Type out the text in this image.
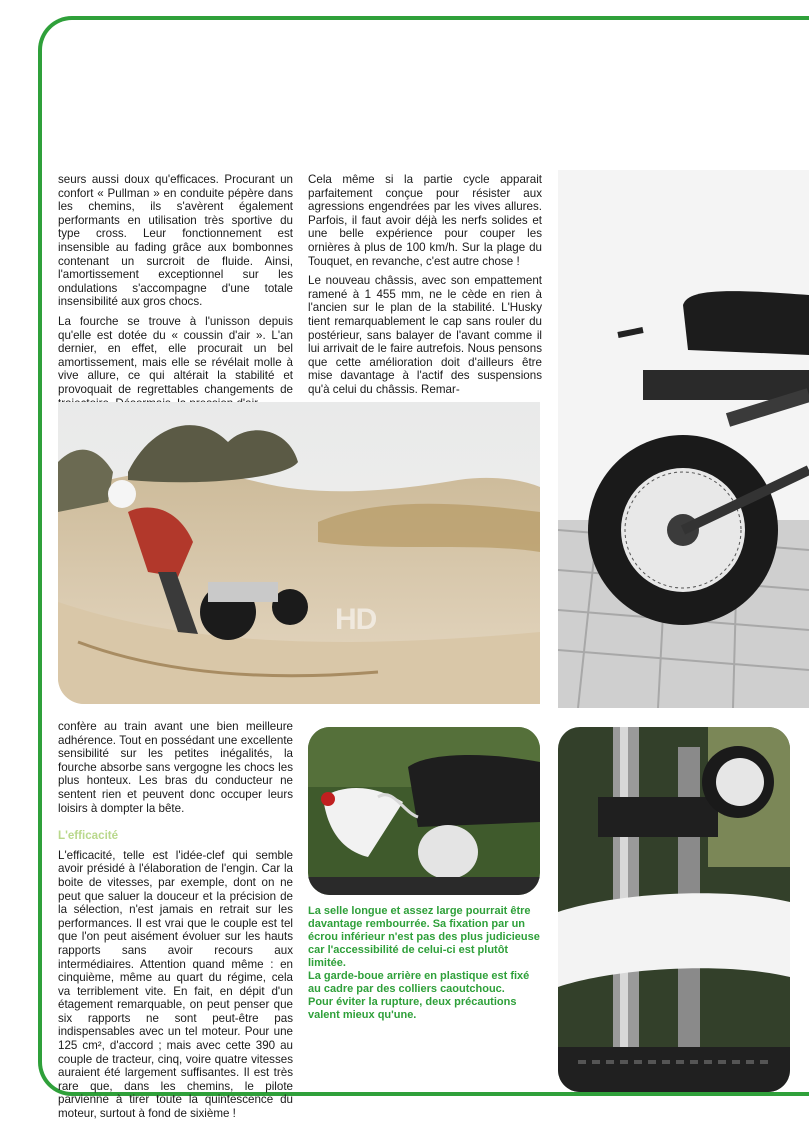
seurs aussi doux qu'efficaces. Procurant un confort « Pullman » en conduite pépère dans les chemins, ils s'avèrent également performants en utilisation très sportive du type cross. Leur fonctionnement est insensible au fading grâce aux bombonnes contenant un surcroit de fluide. Ainsi, l'amortissement exceptionnel sur les ondulations s'accompagne d'une totale insensibilité aux gros chocs.

La fourche se trouve à l'unisson depuis qu'elle est dotée du « coussin d'air ». L'an dernier, en effet, elle procurait un bel amortissement, mais elle se révélait molle à vive allure, ce qui altérait la stabilité et provoquait de regrettables changements de

Cela même si la partie cycle apparait parfaitement conçue pour résister aux agressions engendrées par les vives allures. Parfois, il faut avoir déjà les nerfs solides et une belle expérience pour couper les ornières à plus de 100 km/h. Sur la plage du Touquet, en revanche, c'est autre chose !

Le nouveau châssis, avec son empattement ramené à 1 455 mm, ne le cède en rien à l'ancien sur le plan de la stabilité. L'Husky tient remarquablement le cap sans rouler du postérieur, sans balayer de l'avant comme il lui arrivait de le faire autrefois. Nous pensons que cette amélioration doit d'ailleurs être mise davantage à l'actif des suspensions qu'à celui du châssis. Remar-

HD

confère au train avant une bien meilleure adhérence. Tout en possédant une excellente sensibilité sur les petites inégalités, la fourche absorbe sans vergogne les chocs les plus honteux. Les bras du conducteur ne sentent rien et peuvent donc occuper leurs loisirs à dompter la bête.

L'efficacité

L'efficacité, telle est l'idée-clef qui semble avoir présidé à l'élaboration de l'engin. Car la boite de vitesses, par exemple, dont on ne peut que saluer la douceur et la précision de la sélection, n'est jamais en retrait sur les performances. Il est vrai que le couple est tel que l'on peut aisément évoluer sur les hauts rapports sans avoir recours aux intermédiaires. Attention quand même : en cinquième, même au quart du régime, cela va terriblement vite. En fait, en dépit d'un étagement remarquable, on peut penser que six rapports ne sont peut-être pas indispensables avec un tel moteur. Pour une 125 cm², d'accord ; mais avec cette 390 au couple de tracteur, cinq, voire quatre vitesses auraient été largement suffisantes. Il est très rare que, dans les chemins, le pilote parvienne à tirer toute la quintescence du moteur, surtout à fond de sixième !

La selle longue et assez large pourrait être davantage rembourrée. Sa fixation par un écrou inférieur n'est pas des plus judicieuse car l'accessibilité de celui-ci est plutôt limitée.

La garde-boue arrière en plastique est fixé au cadre par des colliers caoutchouc.

Pour éviter la rupture, deux précautions valent mieux qu'une.
